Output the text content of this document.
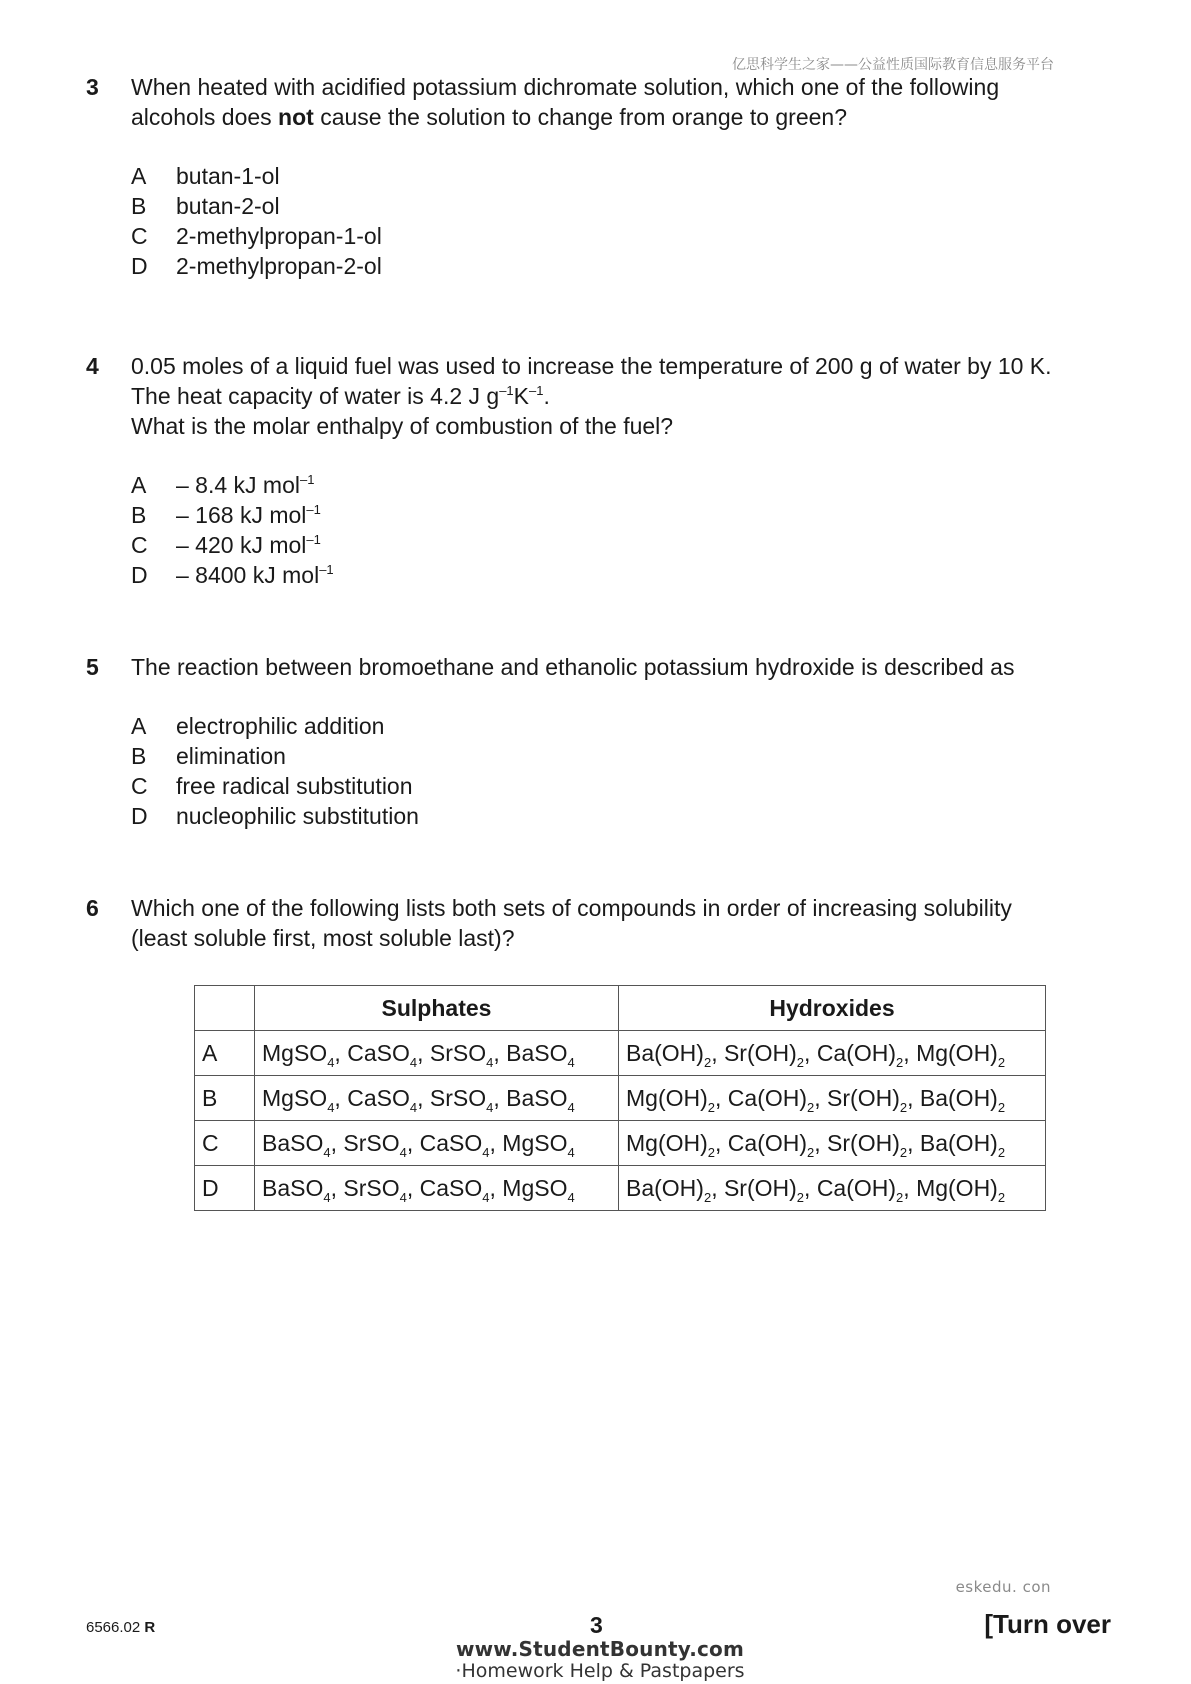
亿思科学生之家——公益性质国际教育信息服务平台
3 When heated with acidified potassium dichromate solution, which one of the following
alcohols does not cause the solution to change from orange to green?
A butan-1-ol
B butan-2-ol
C 2-methylpropan-1-ol
D 2-methylpropan-2-ol
4 0.05 moles of a liquid fuel was used to increase the temperature of 200 g of water by 10 K.
The heat capacity of water is 4.2 J $g^{-1}K^{-1}$.
What is the molar enthalpy of combustion of the fuel?
A – 8.4 kJ mol$^{-1}$
B – 168 kJ mol$^{-1}$
C – 420 kJ mol$^{-1}$
D – 8400 kJ mol$^{-1}$
5 The reaction between bromoethane and ethanolic potassium hydroxide is described as
A electrophilic addition
B elimination
C free radical substitution
D nucleophilic substitution
6 Which one of the following lists both sets of compounds in order of increasing solubility
(least soluble first, most soluble last)?
	Sulphates	Hydroxides
A	MgSO$_4$, CaSO$_4$, SrSO$_4$, BaSO$_4$	$Ba(OH)_2$, $Sr(OH)_2$, $Ca(OH)_2$, $Mg(OH)_2$
B	MgSO$_4$, CaSO$_4$, SrSO$_4$, BaSO$_4$	$Mg(OH)_2$, $Ca(OH)_2$, $Sr(OH)_2$, $Ba(OH)_2$
C	BaSO$_4$, SrSO$_4$, CaSO$_4$, MgSO$_4$	$Mg(OH)_2$, $Ca(OH)_2$, $Sr(OH)_2$, $Ba(OH)_2$
D	BaSO$_4$, SrSO$_4$, CaSO$_4$, MgSO$_4$	$Ba(OH)_2$, $Sr(OH)_2$, $Ca(OH)_2$, $Mg(OH)_2$
eskedu. con
6566.02 R	3	[Turn over
www.StudentBounty.com
·Homework Help & Pastpapers
